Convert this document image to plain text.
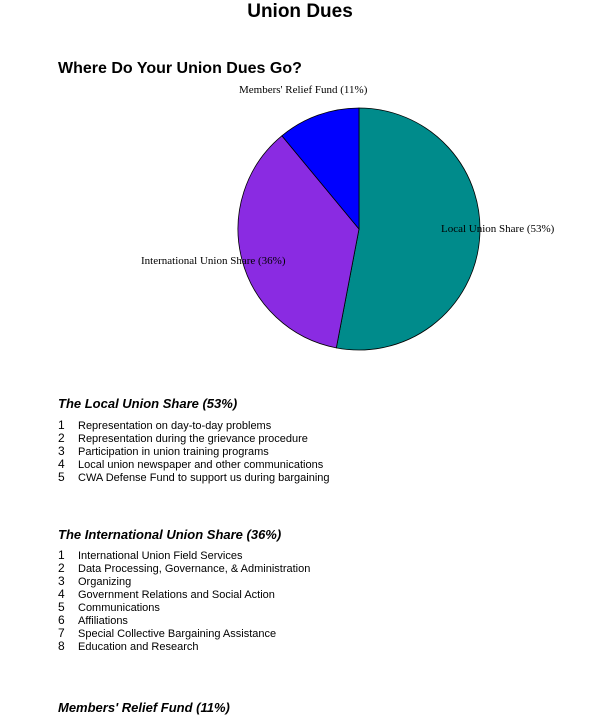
Union Dues
Where Do Your Union Dues Go?
Local Union Share (53%)
International Union Share (36%)
Members' Relief Fund (11%)
The Local Union Share (53%)
1 Representation on day-to-day problems
2 Representation during the grievance procedure
3 Participation in union training programs
4 Local union newspaper and other communications
5 CWA Defense Fund to support us during bargaining
The International Union Share (36%)
1 International Union Field Services
2 Data Processing, Governance, & Administration
3 Organizing
4 Government Relations and Social Action
5 Communications
6 Affiliations
7 Special Collective Bargaining Assistance
8 Education and Research
Members' Relief Fund (11%)
